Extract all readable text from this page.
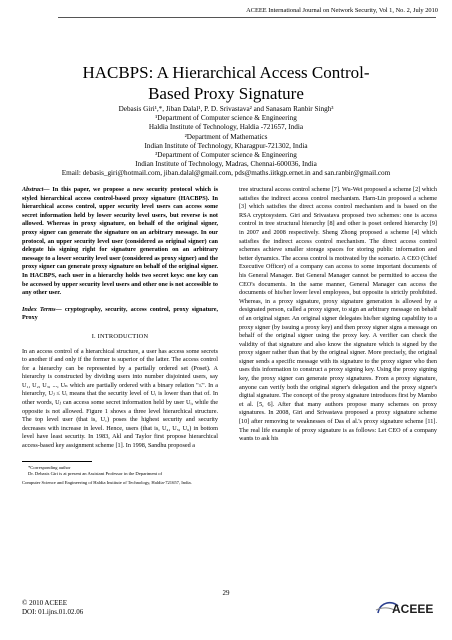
ACEEE International Journal on Network Security, Vol 1, No. 2, July 2010
HACBPS: A Hierarchical Access Control-
Based Proxy Signature
Debasis Giri¹,*, Jiban Dalal¹, P. D. Srivastava² and Sanasam Ranbir Singh³
¹Department of Computer science & Engineering
Haldia Institute of Technology, Haldia -721657, India
²Department of Mathematics
Indian Institute of Technology, Kharagpur-721302, India
³Department of Computer science & Engineering
Indian Institute of Technology, Madras, Chennai-600036, India
Email: debasis_giri@hotmail.com, jiban.dalal@gmail.com, pds@maths.iitkgp.ernet.in and san.ranbir@gmail.com

Abstract— In this paper, we propose a new security protocol which is styled hierarchical access control-based proxy signature (HACBPS). In hierarchical access control, upper security level users can access some secret information held by lower security level users, but reverse is not allowed. Whereas in proxy signature, on behalf of the original signer, proxy signer can generate the signature on an arbitrary message. In our protocol, an upper security level user (considered as original signer) can delegate his signing right for signature generation on an arbitrary message to a lower security level user (considered as proxy signer) and the proxy signer can generate proxy signature on behalf of the original signer. In HACBPS, each user in a hierarchy holds two secret keys: one key can be accessed by upper security level users and other one is not accessible to any other user.

Index Terms— cryptography, security, access control, proxy signature, Proxy

I. INTRODUCTION

In an access control of a hierarchical structure, a user has access some secrets to another if and only if the former is superior of the latter. The access control for a hierarchy can be represented by a partially ordered set (Poset). A hierarchy is constructed by dividing users into number disjointed users, say U₁, U₂, U₃, ..., Uₙ which are partially ordered with a binary relation "≤". In a hierarchy, Uⱼ ≤ Uᵢ means that the security level of Uᵢ is lower than that of. In other words, Uⱼ can access some secret information held by user Uᵢ, while the opposite is not allowed. Figure 1 shows a three level hierarchical structure. The top level user (that is, U₁) poses the highest security and security decreases with increase in level. Hence, users (that is, U₄, U₅, U₆) in bottom level have least security. In 1983, Akl and Taylor first propose hierarchical access-based key assignment scheme [1]. In 1998, Sandhu proposed a

*Corresponding author

Dr. Debasis Giri is at present an Assistant Professor in the Department of

Computer Science and Engineering of Haldia Institute of Technology, Haldia-721657, India.

tree structural access control scheme [7]. Wu-Wei proposed a scheme [2] which satisfies the indirect access control mechanism. Harn-Lin proposed a scheme [3] which satisfies the direct access control mechanism and is based on the RSA cryptosystem. Giri and Srivastava proposed two schemes: one is access control in tree structural hierarchy [8] and other is poset ordered hierarchy [9] in 2007 and 2008 respectively. Sheng Zhong proposed a scheme [4] which satisfies the indirect access control mechanism. The direct access control schemes achieve smaller storage spaces for storing public information and better dynamics. The access control is motivated by the scenario. A CEO (Chief Executive Officer) of a company can access to some important documents of his General Manager. But General Manager cannot be permitted to access the CEO's documents. In the same manner, General Manager can access the documents of his/her lower level employees, but opposite is strictly prohibited. Whereas, in a proxy signature, proxy signature generation is allowed by a designated person, called a proxy signer, to sign an arbitrary message on behalf of an original signer. An original signer delegates his/her signing capability to a proxy signer (by issuing a proxy key) and then proxy signer signs a message on behalf of the original signer using the proxy key. A verifier can check the validity of that signature and also know the signature which is signed by the proxy signer rather than that by the original signer. More precisely, the original signer sends a specific message with its signature to the proxy signer who then uses this information to construct a proxy signing key. Using the proxy signing key, the proxy signer can generate proxy signatures. From a proxy signature, anyone can verify both the original signer's delegation and the proxy signer's digital signature. The concept of the proxy signature introduces first by Mambo et al. [5, 6]. After that many authors propose many schemes on proxy signatures. In 2008, Giri and Srivastava proposed a proxy signature scheme [10] after removing te weaknesses of Das el al.'s proxy signature scheme [11]. The real life example of proxy signature is as follows: Let CEO of a company wants to ask his

29
© 2010 ACEEE
DOI: 01.ijns.01.02.06	ACEEE
